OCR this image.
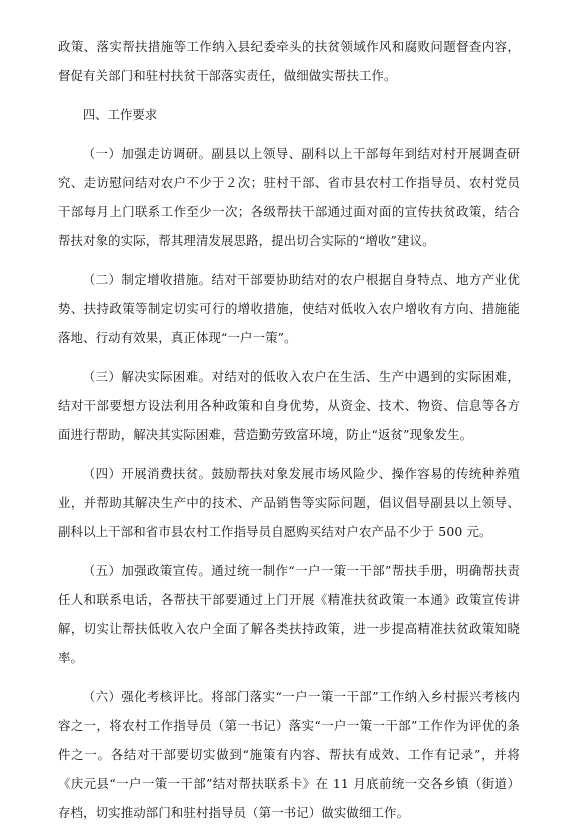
政策、落实帮扶措施等工作纳入县纪委牵头的扶贫领域作风和腐败问题督查内容，督促有关部门和驻村扶贫干部落实责任，做细做实帮扶工作。

四、工作要求

（一）加强走访调研。副县以上领导、副科以上干部每年到结对村开展调查研究、走访慰问结对农户不少于２次；驻村干部、省市县农村工作指导员、农村党员干部每月上门联系工作至少一次；各级帮扶干部通过面对面的宣传扶贫政策，结合帮扶对象的实际，帮其理清发展思路，提出切合实际的“增收”建议。

（二）制定增收措施。结对干部要协助结对的农户根据自身特点、地方产业优势、扶持政策等制定切实可行的增收措施，使结对低收入农户增收有方向、措施能落地、行动有效果，真正体现“一户一策”。

（三）解决实际困难。对结对的低收入农户在生活、生产中遇到的实际困难，结对干部要想方设法利用各种政策和自身优势，从资金、技术、物资、信息等各方面进行帮助，解决其实际困难，营造勤劳致富环境，防止“返贫”现象发生。

（四）开展消费扶贫。鼓励帮扶对象发展市场风险少、操作容易的传统种养殖业，并帮助其解决生产中的技术、产品销售等实际问题，倡议倡导副县以上领导、副科以上干部和省市县农村工作指导员自愿购买结对户农产品不少于 500 元。

（五）加强政策宣传。通过统一制作“一户一策一干部”帮扶手册，明确帮扶责任人和联系电话，各帮扶干部要通过上门开展《精准扶贫政策一本通》政策宣传讲解，切实让帮扶低收入农户全面了解各类扶持政策，进一步提高精准扶贫政策知晓率。

（六）强化考核评比。将部门落实“一户一策一干部”工作纳入乡村振兴考核内容之一，将农村工作指导员（第一书记）落实“一户一策一干部”工作作为评优的条件之一。各结对干部要切实做到“施策有内容、帮扶有成效、工作有记录”，并将《庆元县“一户一策一干部”结对帮扶联系卡》在 11 月底前统一交各乡镇（街道）存档，切实推动部门和驻村指导员（第一书记）做实做细工作。
